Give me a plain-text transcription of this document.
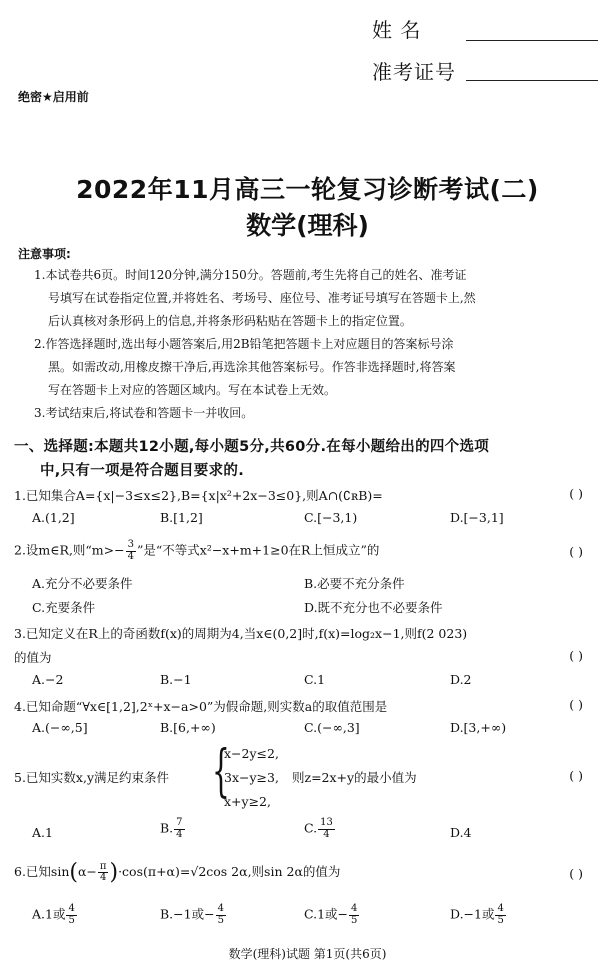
姓 名
准考证号
绝密★启用前
2022年11月高三一轮复习诊断考试(二)
数学(理科)
注意事项:
1.本试卷共6页。时间120分钟,满分150分。答题前,考生先将自己的姓名、准考证
号填写在试卷指定位置,并将姓名、考场号、座位号、准考证号填写在答题卡上,然
后认真核对条形码上的信息,并将条形码粘贴在答题卡上的指定位置。
2.作答选择题时,选出每小题答案后,用2B铅笔把答题卡上对应题目的答案标号涂
黑。如需改动,用橡皮擦干净后,再选涂其他答案标号。作答非选择题时,将答案
写在答题卡上对应的答题区域内。写在本试卷上无效。
3.考试结束后,将试卷和答题卡一并收回。
一、选择题:本题共12小题,每小题5分,共60分.在每小题给出的四个选项
中,只有一项是符合题目要求的.
1.已知集合A={x|−3≤x≤2},B={x|x²+2x−3≤0},则A∩(∁ʀB)=	( )
A.(1,2]	B.[1,2]	C.[−3,1)	D.[−3,1]
2.设m∈R,则“$m>- \frac{3}{4}$ ”是“不等式x²−x+m+1≥0在R上恒成立”的	( )
A.充分不必要条件	B.必要不充分条件
C.充要条件	D.既不充分也不必要条件
3.已知定义在R上的奇函数f(x)的周期为4,当x∈(0,2]时,f(x)=log₂x−1,则f(2 023)
的值为	( )
A.−2	B.−1	C.1	D.2
4.已知命题“∀x∈[1,2],2ˣ+x−a>0”为假命题,则实数a的取值范围是	( )
A.(−∞,5]	B.[6,+∞)	C.(−∞,3]	D.[3,+∞)
5.已知实数x,y满足约束条件 {
x−2y≤2,
3x−y≥3,
x+y≥2,
则z=2x+y的最小值为	( )
A.1	B. $\frac{7}{4}$	C. $\frac{13}{4}$	D.4
6.已知$\sin(\alpha- \frac{\pi}{4} )\cdot\cos(\pi+\alpha)=√2\cos$ 2α,则sin 2α的值为	( )
A.1或 $\frac{4}{5}$	B.−1或− $\frac{4}{5}$	C.1或− $\frac{4}{5}$	D.−1或 $\frac{4}{5}$
数学(理科)试题 第1页(共6页)
